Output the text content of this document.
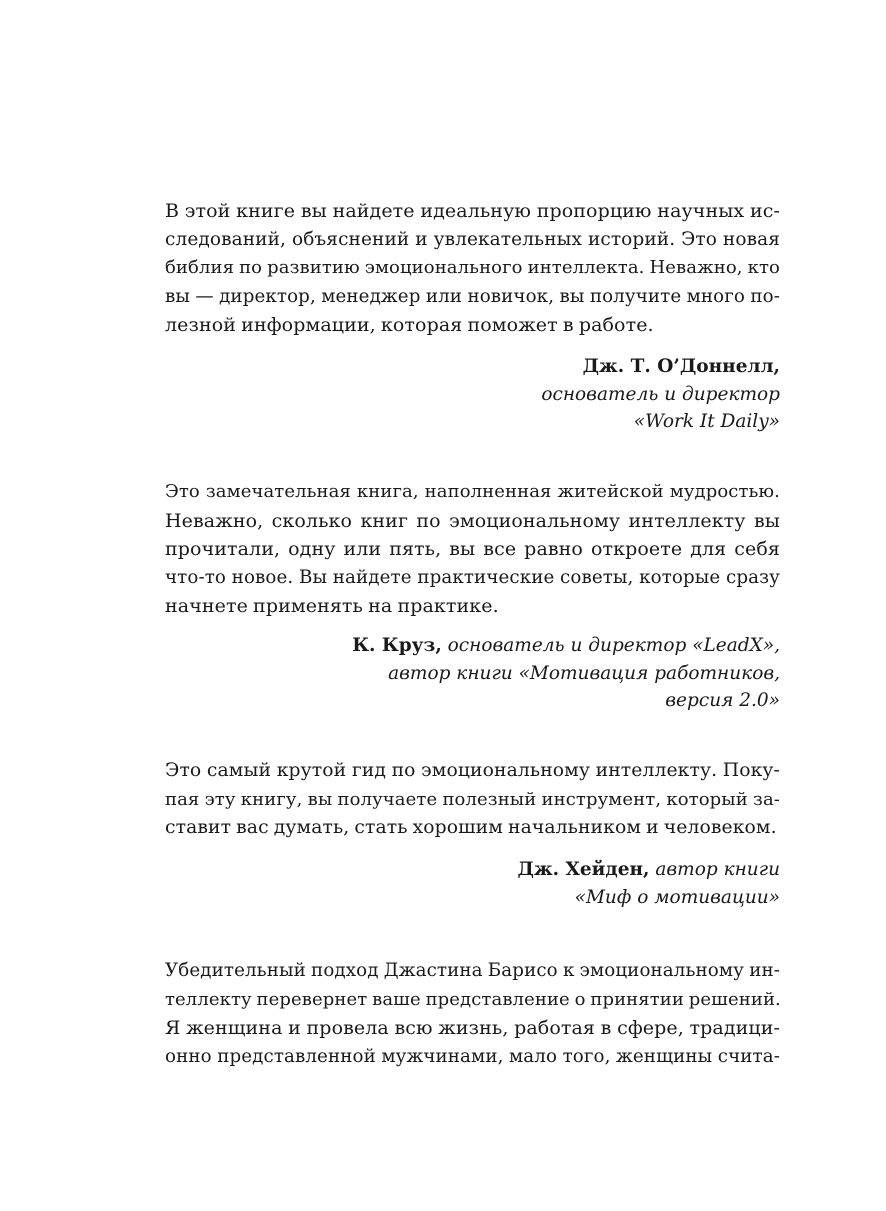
В этой книге вы найдете идеальную пропорцию научных ис-
следований, объяснений и увлекательных историй. Это новая
библия по развитию эмоционального интеллекта. Неважно, кто
вы — директор, менеджер или новичок, вы получите много по-
лезной информации, которая поможет в работе.
Дж. Т. О’Доннелл,
основатель и директор
«Work It Daily»
Это замечательная книга, наполненная житейской мудростью.
Неважно, сколько книг по эмоциональному интеллекту вы
прочитали, одну или пять, вы все равно откроете для себя
что-то новое. Вы найдете практические советы, которые сразу
начнете применять на практике.
К. Круз, основатель и директор «LeadX»,
автор книги «Мотивация работников,
версия 2.0»
Это самый крутой гид по эмоциональному интеллекту. Поку-
пая эту книгу, вы получаете полезный инструмент, который за-
ставит вас думать, стать хорошим начальником и человеком.
Дж. Хейден, автор книги
«Миф о мотивации»
Убедительный подход Джастина Барисо к эмоциональному ин-
теллекту перевернет ваше представление о принятии решений.
Я женщина и провела всю жизнь, работая в сфере, традици-
онно представленной мужчинами, мало того, женщины счита-
